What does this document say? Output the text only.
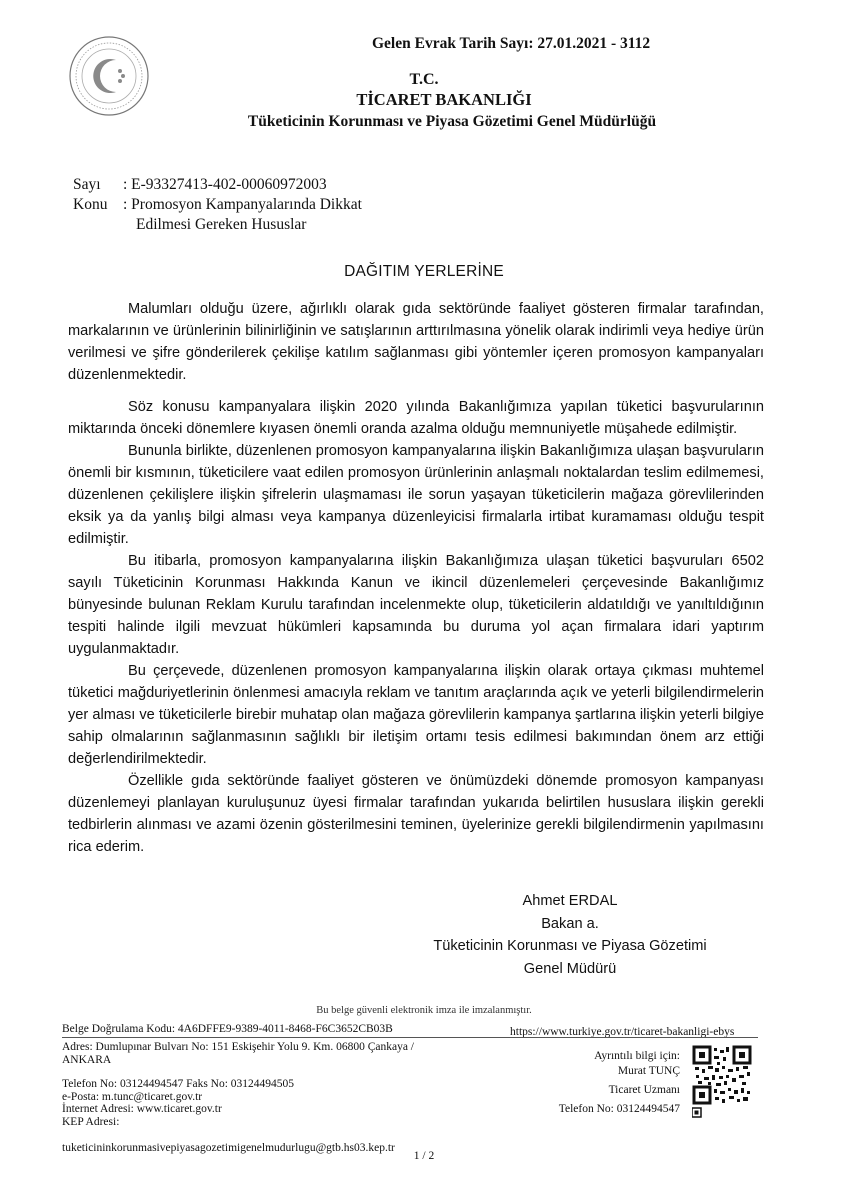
Gelen Evrak Tarih Sayı: 27.01.2021 - 3112
T.C.
TİCARET BAKANLIĞI
Tüketicinin Korunması ve Piyasa Gözetimi Genel Müdürlüğü
Sayı : E-93327413-402-00060972003
Konu : Promosyon Kampanyalarında Dikkat
Edilmesi Gereken Hususlar
DAĞITIM YERLERİNE

Malumları olduğu üzere, ağırlıklı olarak gıda sektöründe faaliyet gösteren firmalar tarafından, markalarının ve ürünlerinin bilinirliğinin ve satışlarının arttırılmasına yönelik olarak indirimli veya hediye ürün verilmesi ve şifre gönderilerek çekilişe katılım sağlanması gibi yöntemler içeren promosyon kampanyaları düzenlenmektedir.

Söz konusu kampanyalara ilişkin 2020 yılında Bakanlığımıza yapılan tüketici başvurularının miktarında önceki dönemlere kıyasen önemli oranda azalma olduğu memnuniyetle müşahede edilmiştir.

Bununla birlikte, düzenlenen promosyon kampanyalarına ilişkin Bakanlığımıza ulaşan başvuruların önemli bir kısmının, tüketicilere vaat edilen promosyon ürünlerinin anlaşmalı noktalardan teslim edilmemesi, düzenlenen çekilişlere ilişkin şifrelerin ulaşmaması ile sorun yaşayan tüketicilerin mağaza görevlilerinden eksik ya da yanlış bilgi alması veya kampanya düzenleyicisi firmalarla irtibat kuramaması olduğu tespit edilmiştir.

Bu itibarla, promosyon kampanyalarına ilişkin Bakanlığımıza ulaşan tüketici başvuruları 6502 sayılı Tüketicinin Korunması Hakkında Kanun ve ikincil düzenlemeleri çerçevesinde Bakanlığımız bünyesinde bulunan Reklam Kurulu tarafından incelenmekte olup, tüketicilerin aldatıldığı ve yanıltıldığının tespiti halinde ilgili mevzuat hükümleri kapsamında bu duruma yol açan firmalara idari yaptırım uygulanmaktadır.

Bu çerçevede, düzenlenen promosyon kampanyalarına ilişkin olarak ortaya çıkması muhtemel tüketici mağduriyetlerinin önlenmesi amacıyla reklam ve tanıtım araçlarında açık ve yeterli bilgilendirmelerin yer alması ve tüketicilerle birebir muhatap olan mağaza görevlilerin kampanya şartlarına ilişkin yeterli bilgiye sahip olmalarının sağlanmasının sağlıklı bir iletişim ortamı tesis edilmesi bakımından önem arz ettiği değerlendirilmektedir.

Özellikle gıda sektöründe faaliyet gösteren ve önümüzdeki dönemde promosyon kampanyası düzenlemeyi planlayan kuruluşunuz üyesi firmalar tarafından yukarıda belirtilen hususlara ilişkin gerekli tedbirlerin alınması ve azami özenin gösterilmesini teminen, üyelerinize gerekli bilgilendirmenin yapılmasını rica ederim.

Ahmet ERDAL
Bakan a.
Tüketicinin Korunması ve Piyasa Gözetimi
Genel Müdürü
Bu belge güvenli elektronik imza ile imzalanmıştır.
Belge Doğrulama Kodu: 4A6DFFE9-9389-4011-8468-F6C3652CB03B	https://www.turkiye.gov.tr/ticaret-bakanligi-ebys
Adres: Dumlupınar Bulvarı No: 151 Eskişehir Yolu 9. Km. 06800 Çankaya /
ANKARA
Telefon No: 03124494547 Faks No: 03124494505
e-Posta: m.tunc@ticaret.gov.tr
İnternet Adresi: www.ticaret.gov.tr
KEP Adresi:
tuketicininkorunmasivepiyasagozetimigenelmudurlugu@gtb.hs03.kep.tr
Ayrıntılı bilgi için:
Murat TUNÇ
Ticaret Uzmanı
Telefon No: 03124494547
1 / 2
